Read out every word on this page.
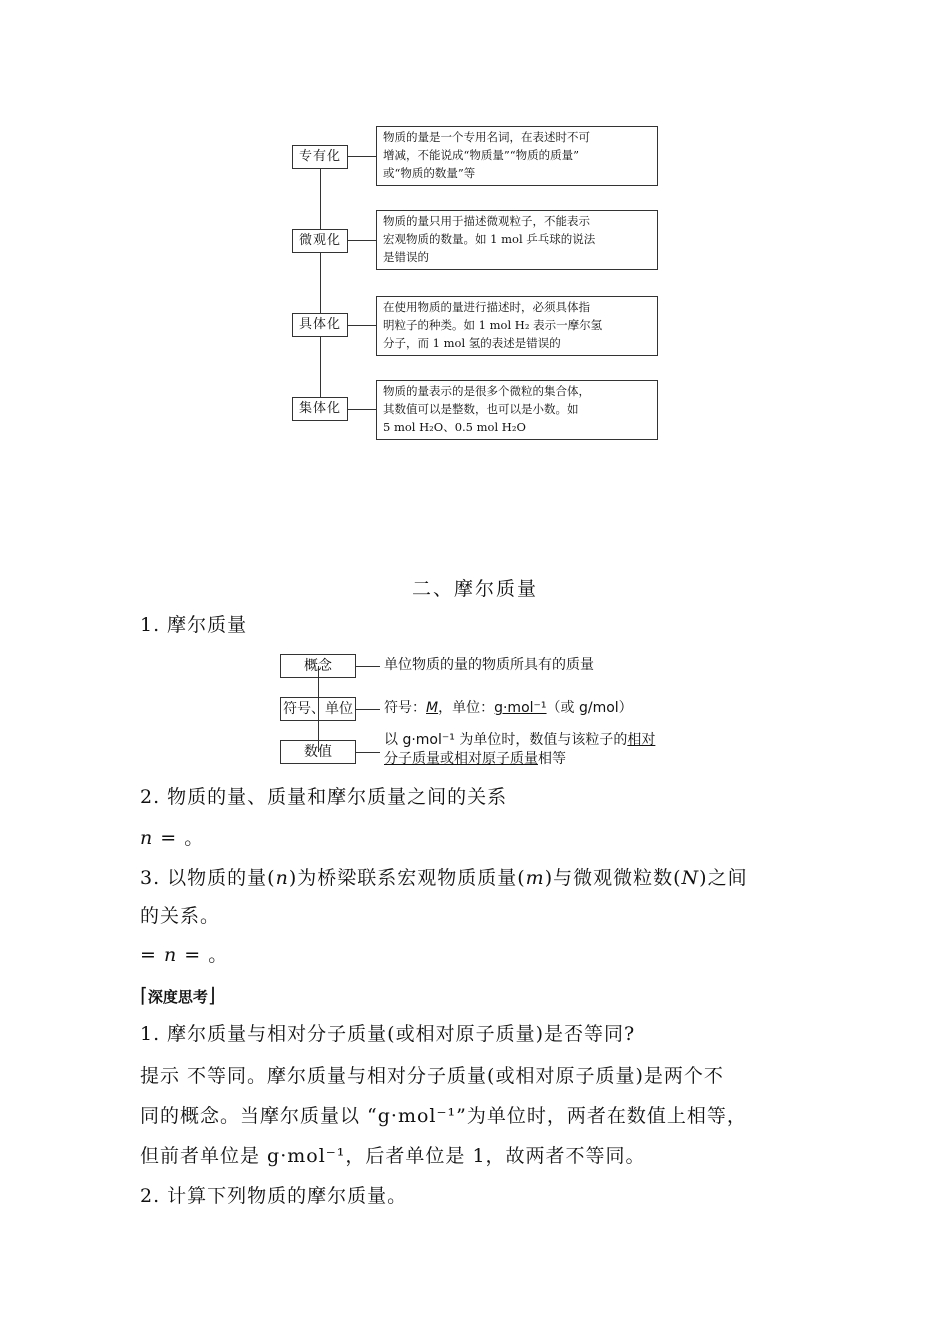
专有化
物质的量是一个专用名词，在表述时不可
增减，不能说成“物质量”“物质的质量”
或“物质的数量”等
微观化
物质的量只用于描述微观粒子，不能表示
宏观物质的数量。如 1 mol 乒乓球的说法
是错误的
具体化
在使用物质的量进行描述时，必须具体指
明粒子的种类。如 1 mol H₂ 表示一摩尔氢
分子，而 1 mol 氢的表述是错误的
集体化
物质的量表示的是很多个微粒的集合体，
其数值可以是整数，也可以是小数。如
5 mol H₂O、0.5 mol H₂O
二、摩尔质量
1. 摩尔质量
概念	单位物质的量的物质所具有的质量
符号、单位 符号：M，单位：g·mol⁻¹（或 g/mol）
数值
以 g·mol⁻¹ 为单位时，数值与该粒子的相对
分子质量或相对原子质量相等
2. 物质的量、质量和摩尔质量之间的关系
n = 。
3. 以物质的量(n)为桥梁联系宏观物质质量(m)与微观微粒数(N)之间
的关系。
= n = 。
⌈深度思考⌋
1. 摩尔质量与相对分子质量(或相对原子质量)是否等同?
提示 不等同。摩尔质量与相对分子质量(或相对原子质量)是两个不
同的概念。当摩尔质量以 “g·mol⁻¹”为单位时，两者在数值上相等，
但前者单位是 g·mol⁻¹，后者单位是 1，故两者不等同。
2. 计算下列物质的摩尔质量。
